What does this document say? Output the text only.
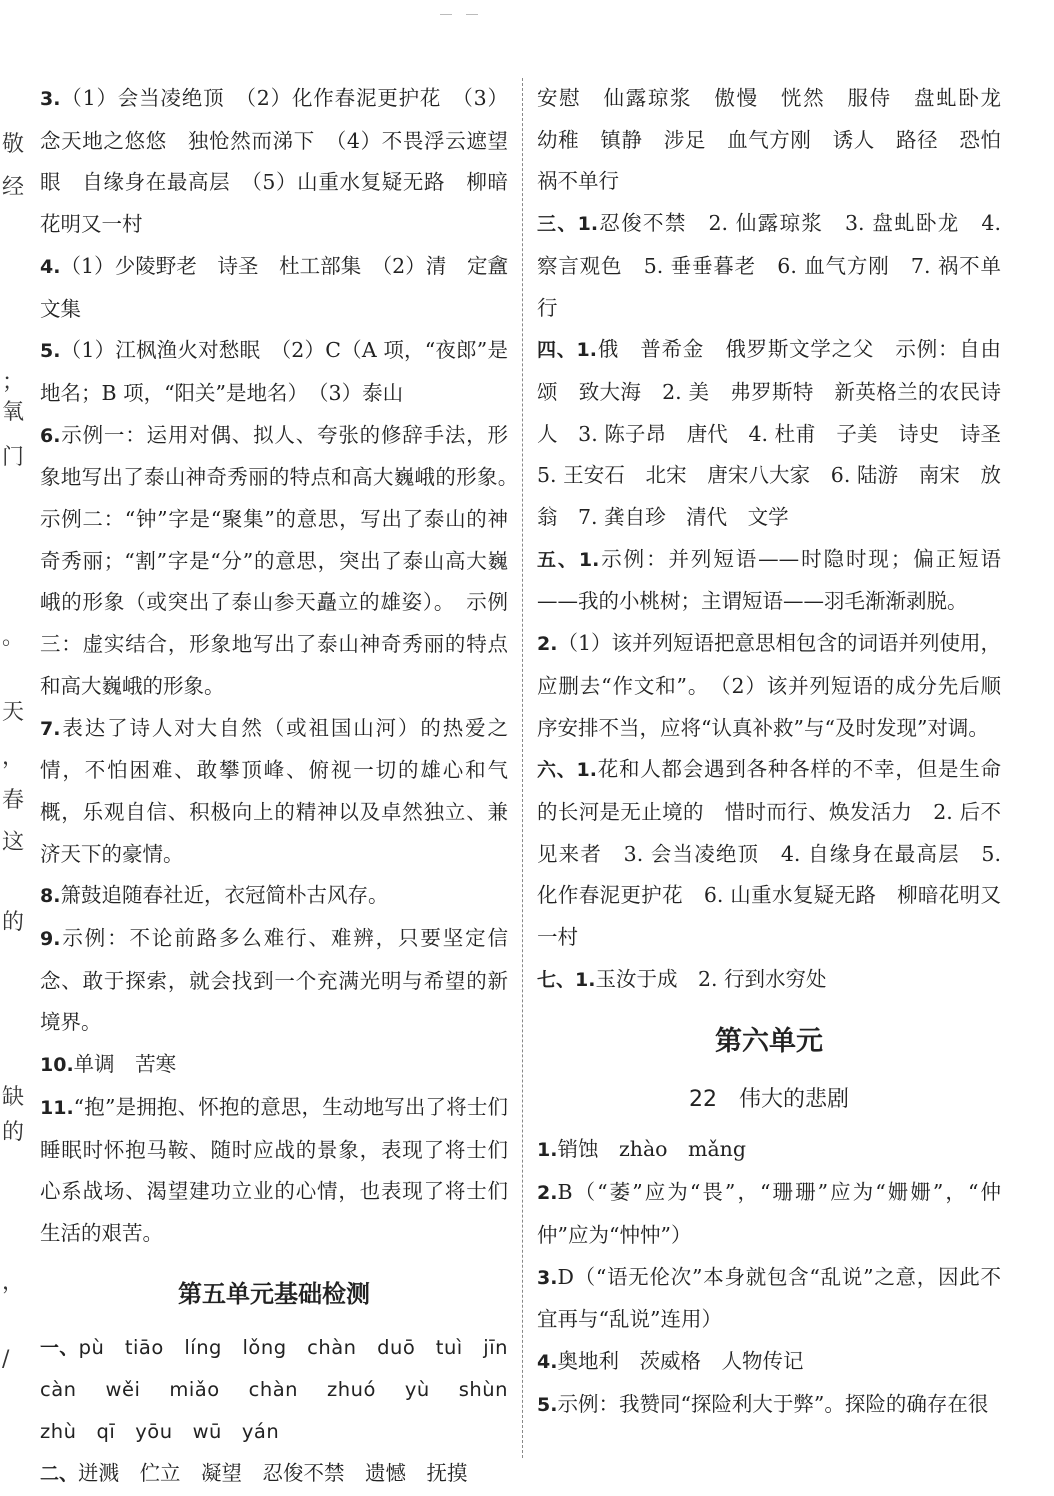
敬
经
；
氧
门
。
天
，
春
这
的
缺
的
，
/

3.（1）会当凌绝顶　（2）化作春泥更护花　（3）念天地之悠悠　独怆然而涕下　（4）不畏浮云遮望眼　自缘身在最高层　（5）山重水复疑无路　柳暗花明又一村

4.（1）少陵野老　诗圣　杜工部集　（2）清　定盦文集

5.（1）江枫渔火对愁眠　（2）C（A 项，“夜郎”是地名；B 项，“阳关”是地名）　（3）泰山

6.示例一：运用对偶、拟人、夸张的修辞手法，形象地写出了泰山神奇秀丽的特点和高大巍峨的形象。　示例二：“钟”字是“聚集”的意思，写出了泰山的神奇秀丽；“割”字是“分”的意思，突出了泰山高大巍峨的形象（或突出了泰山参天矗立的雄姿）。　示例三：虚实结合，形象地写出了泰山神奇秀丽的特点和高大巍峨的形象。

7.表达了诗人对大自然（或祖国山河）的热爱之情，不怕困难、敢攀顶峰、俯视一切的雄心和气概，乐观自信、积极向上的精神以及卓然独立、兼济天下的豪情。

8.箫鼓追随春社近，衣冠简朴古风存。

9.示例：不论前路多么难行、难辨，只要坚定信念、敢于探索，就会找到一个充满光明与希望的新境界。

10.单调　苦寒

11.“抱”是拥抱、怀抱的意思，生动地写出了将士们睡眠时怀抱马鞍、随时应战的景象，表现了将士们心系战场、渴望建功立业的心情，也表现了将士们生活的艰苦。

第五单元基础检测

一、pù　tiāo　líng　lǒng　chàn　duō　tuì　jīn　càn　wěi　miǎo　chàn　zhuó　yù　shùn　zhù　qī　yōu　wū　yán

二、迸溅　伫立　凝望　忍俊不禁　遗憾　抚摸

安慰　仙露琼浆　傲慢　恍然　服侍　盘虬卧龙　幼稚　镇静　涉足　血气方刚　诱人　路径　恐怕　祸不单行

三、1.忍俊不禁　2. 仙露琼浆　3. 盘虬卧龙　4. 察言观色　5. 垂垂暮老　6. 血气方刚　7. 祸不单行

四、1.俄　普希金　俄罗斯文学之父　示例：自由颂　致大海　2. 美　弗罗斯特　新英格兰的农民诗人　3. 陈子昂　唐代　4. 杜甫　子美　诗史　诗圣　5. 王安石　北宋　唐宋八大家　6. 陆游　南宋　放翁　7. 龚自珍　清代　文学

五、1.示例：并列短语——时隐时现；偏正短语——我的小桃树；主谓短语——羽毛渐渐剥脱。

2.（1）该并列短语把意思相包含的词语并列使用，应删去“作文和”。　（2）该并列短语的成分先后顺序安排不当，应将“认真补救”与“及时发现”对调。

六、1.花和人都会遇到各种各样的不幸，但是生命的长河是无止境的　惜时而行、焕发活力　2. 后不见来者　3. 会当凌绝顶　4. 自缘身在最高层　5. 化作春泥更护花　6. 山重水复疑无路　柳暗花明又一村

七、1.玉汝于成　2. 行到水穷处

第六单元
22　伟大的悲剧

1.销蚀　zhào　mǎng

2.B（“萎”应为“畏”，“珊珊”应为“姗姗”，“仲仲”应为“忡忡”）

3.D（“语无伦次”本身就包含“乱说”之意，因此不宜再与“乱说”连用）

4.奥地利　茨威格　人物传记

5.示例：我赞同“探险利大于弊”。探险的确存在很
